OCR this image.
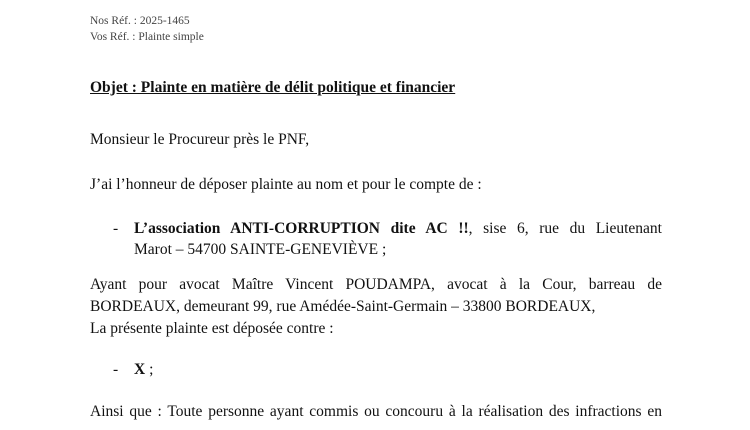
Nos Réf. : 2025-1465
Vos Réf. : Plainte simple
Objet : Plainte en matière de délit politique et financier
Monsieur le Procureur près le PNF,
J’ai l’honneur de déposer plainte au nom et pour le compte de :
- L’association ANTI-CORRUPTION dite AC !!, sise 6, rue du Lieutenant
Marot – 54700 SAINTE-GENEVIÈVE ;
Ayant pour avocat Maître Vincent POUDAMPA, avocat à la Cour, barreau de
BORDEAUX, demeurant 99, rue Amédée-Saint-Germain – 33800 BORDEAUX,
La présente plainte est déposée contre :
- X ;
Ainsi que : Toute personne ayant commis ou concouru à la réalisation des infractions en
